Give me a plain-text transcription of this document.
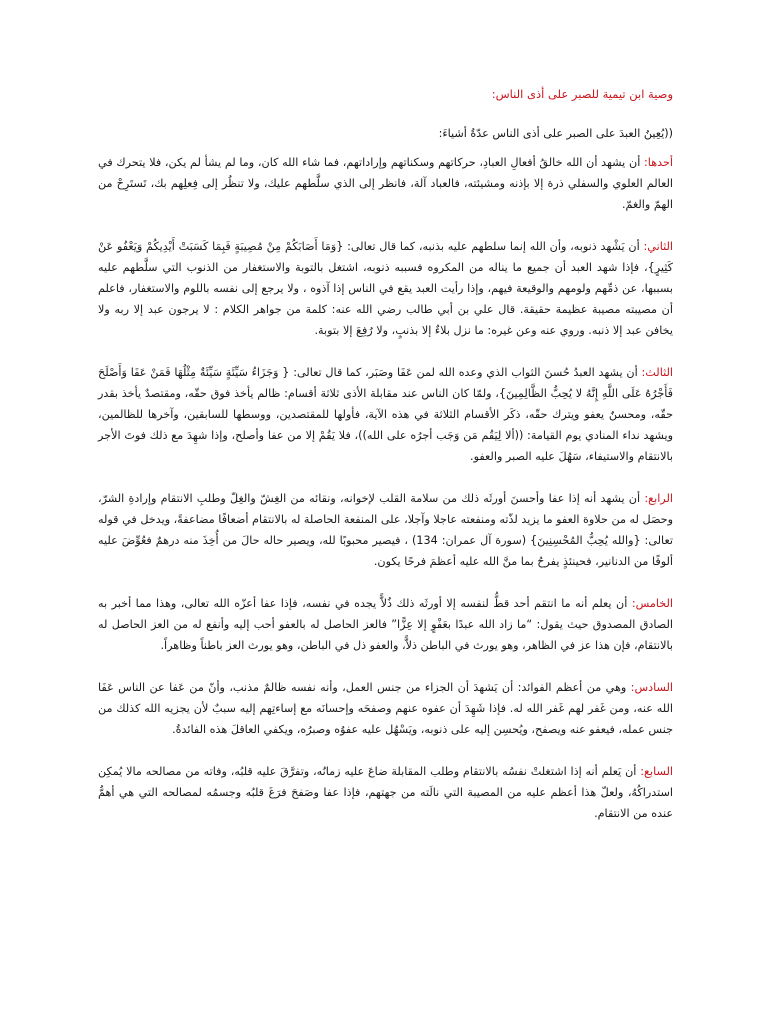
وصية ابن تيمية للصبر على أذى الناس:

((يُعِينُ العبدَ على الصبر على أذى الناس عدّةُ أشياءَ:

أحدها: أن يشهد أن الله خالقُ أفعالِ العبادِ، حركاتهم وسكناتهم وإراداتهم، فما شاء الله كان، وما لم يشأ لم يكن، فلا يتحرك في العالم العلوي والسفلي ذرة إلا بإذنه ومشيئته، فالعباد آلة، فانظر إلى الذي سلَّطهم عليك، ولا تنظُر إلى فِعلِهم بك، تَستَرِحْ من الهمّ والغمّ.

الثاني: أن يَشْهد ذنوبه، وأن الله إنما سلطهم عليه بذنبه، كما قال تعالى: {وَمَا أَصَابَكُمْ مِنْ مُصِيبَةٍ فَبِمَا كَسَبَتْ أَيْدِيكُمْ وَيَعْفُو عَنْ كَثِيرٍ}، فإذا شهد العبد أن جميع ما يناله من المكروه فسببه ذنوبه، اشتغل بالتوبة والاستغفار من الذنوب التي سلَّطهم عليه بسببها، عن ذمِّهم ولومهم والوقيعة فيهم، وإذا رأيت العبد يقع في الناس إذا آذوه ، ولا يرجع إلى نفسه باللوم والاستغفار، فاعلم أن مصيبته مصيبة عظيمة حقيقة. قال علي بن أبي طالب رضي الله عنه: كلمة من جواهر الكلام : لا يرجون عبد إلا ربه ولا يخافن عبد إلا ذنبه. وروي عنه وعن غيره: ما نزل بلاءٌ إلا بذنبٍ، ولا رُفِعَ إلا بتوبة.

الثالث: أن يشهد العبدُ حُسنَ الثواب الذي وعده الله لمن عَفَا وصَبَر، كما قال تعالى: { وَجَزَاءُ سَيِّئَةٍ سَيِّئَةٌ مِثْلُهَا فَمَنْ عَفَا وَأَصْلَحَ فَأَجْرُهُ عَلَى اللَّهِ إِنَّهُ لا يُحِبُّ الظَّالِمِينَ}، ولمّا كان الناس عند مقابلة الأذى ثلاثة أقسام: ظالم يأخذ فوق حقّه، ومقتصدٌ يأخذ بقدر حقّه، ومحسنٌ يعفو ويترك حقّه، ذكَر الأقسام الثلاثة في هذه الآية، فأولها للمقتصدين، ووسطها للسابقين، وآخرها للظالمين، ويشهد نداء المنادي يوم القيامة: ((ألا لِيَقُم مَن وَجَب أجرُه على الله))، فلا يَقُمْ إلا من عفا وأصلح، وإذا شهِدَ مع ذلك فوتَ الأجر بالانتقام والاستيفاء، سَهُلَ عليه الصبر والعفو.

الرابع: أن يشهد أنه إذا عفا وأحسنَ أورثَه ذلك من سلامة القلب لإخوانه، ونقائه من الغِشّ والغِلّ وطلبِ الانتقام وإرادةِ الشرّ، وحصَل له من حلاوة العفو ما يزيد لذّته ومنفعته عاجلا وآجلا، على المنفعة الحاصلة له بالانتقام أضعافًا مضاعفةً، ويدخل في قوله تعالى: {والله يُحِبُّ المُحْسِنِينَ} (سورة آل عمران: 134) ، فيصير محبوبًا لله، ويصير حاله حالَ من أُخِذَ منه درهمٌ فعُوِّضَ عليه ألوفًا من الدنانير، فحينئذٍ يفرحُ بما منَّ الله عليه أعظمَ فرحًا يكون.

الخامس: أن يعلم أنه ما انتقم أحد قطُّ لنفسه إلا أورثَه ذلك ذُلاًّ يجده في نفسه، فإذا عفا أعزّه الله تعالى، وهذا مما أخبر به الصادق المصدوق حيث يقول: “ما زاد الله عبدًا بعَفْوٍ إلا عِزًّا” فالعز الحاصل له بالعفو أحب إليه وأنفع له من العز الحاصل له بالانتقام، فإن هذا عز في الظاهر، وهو يورث في الباطن ذلاًّ، والعفو ذل في الباطن، وهو يورث العز باطناً وظاهراً.

السادس: وهي من أعظم الفوائد: أن يَشهدَ أن الجزاء من جنس العمل، وأنه نفسه ظالمٌ مذنب، وأنّ من عَفا عن الناس عَفَا الله عنه، ومن غَفر لهم غَفر الله له. فإذا شَهِدَ أن عفوه عنهم وصفحَه وإحسانَه مع إساءتِهم إليه سببٌ لأن يجزيه الله كذلك من جنس عمله، فيعفو عنه ويصفح، ويُحسِن إليه على ذنوبه، ويَسْهُل عليه عفوُه وصبرُه، ويكفي العاقلَ هذه الفائدةُ.

السابع: أن يَعلم أنه إذا اشتغلتْ نفسُه بالانتقام وطلب المقابلة ضاعَ عليه زمانُه، وتفرَّقَ عليه قلبُه، وفاته من مصالحه مالا يُمكِن استدراكُهُ، ولعلّ هذا أعظم عليه من المصيبة التي نالَته من جهتهم، فإذا عفا وصَفحَ فرَغَ قلبُه وجسمُه لمصالحه التي هي أهمُّ عنده من الانتقام.
